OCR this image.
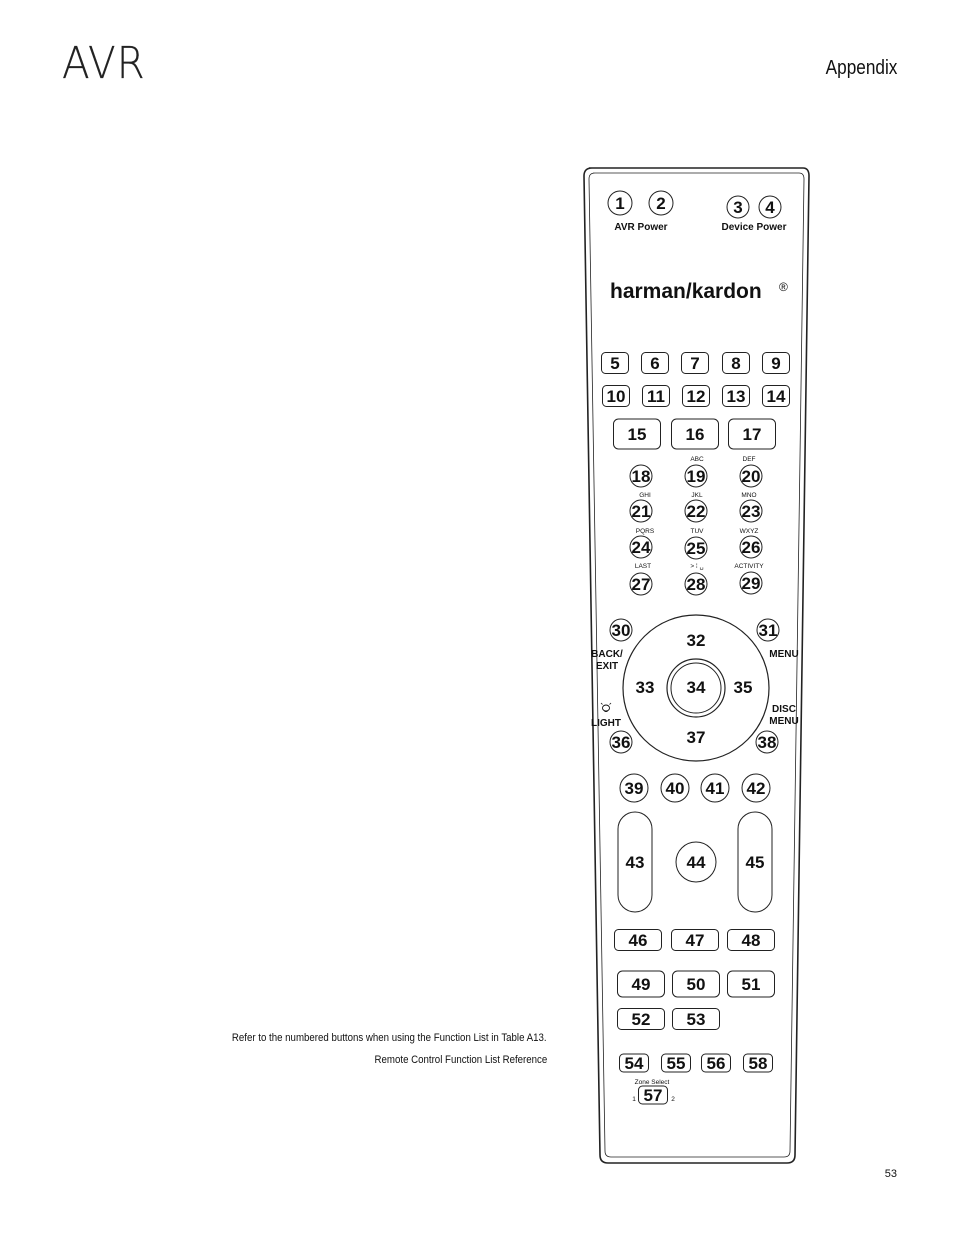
AVR	Appendix
Refer to the numbered buttons when using the Function List in Table A13.
Remote Control Function List Reference
53
harman/kardon ®
AVR Power	Device Power
ABC	DEF
GHI	JKL	MNO
PQRS	TUV	WXYZ
LAST	> ⁞ ␣	ACTIVITY
BACK/
EXIT
MENU
LIGHT
DISC
MENU
Zone Select
1	2
1 2	3 4
5 6 7 8 9
10 11 12 13 14
15 16 17
18 19 20
21 22 23
24 25 26
27 28 29
30	31
32
33 34 35
36	37	38
39 40 41 42
43 44 45
46 47 48
49 50 51
52 53
54 55 56
57
58
